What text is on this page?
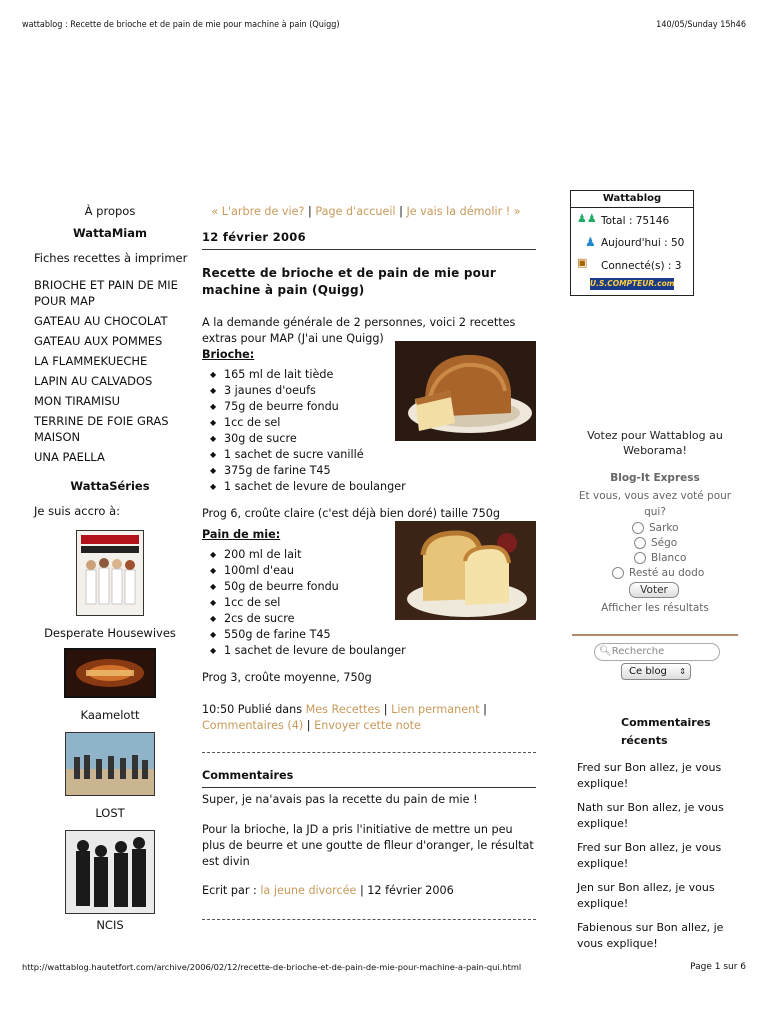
wattablog : Recette de brioche et de pain de mie pour machine à pain (Quigg)	140/05/Sunday 15h46
http://wattablog.hautetfort.com/archive/2006/02/12/recette-de-brioche-et-de-pain-de-mie-pour-machine-a-pain-qui.html	Page 1 sur 6
À propos
WattaMiam
Fiches recettes à imprimer
BRIOCHE ET PAIN DE MIE POUR MAP
GATEAU AU CHOCOLAT
GATEAU AUX POMMES
LA FLAMMEKUECHE
LAPIN AU CALVADOS
MON TIRAMISU
TERRINE DE FOIE GRAS MAISON
UNA PAELLA
WattaSéries
Je suis accro à:
Desperate Housewives
Kaamelott
LOST
NCIS
« L'arbre de vie? | Page d'accueil | Je vais la démolir ! »
12 février 2006
Recette de brioche et de pain de mie pour machine à pain (Quigg)
A la demande générale de 2 personnes, voici 2 recettes extras pour MAP (J'ai une Quigg)
Brioche:
◆ 165 ml de lait tiède
◆ 3 jaunes d'oeufs
◆ 75g de beurre fondu
◆ 1cc de sel
◆ 30g de sucre
◆ 1 sachet de sucre vanillé
◆ 375g de farine T45
◆ 1 sachet de levure de boulanger
Prog 6, croûte claire (c'est déjà bien doré) taille 750g
Pain de mie:
◆ 200 ml de lait
◆ 100ml d'eau
◆ 50g de beurre fondu
◆ 1cc de sel
◆ 2cs de sucre
◆ 550g de farine T45
◆ 1 sachet de levure de boulanger
Prog 3, croûte moyenne, 750g
10:50 Publié dans Mes Recettes | Lien permanent |
Commentaires (4) | Envoyer cette note
Commentaires
Super, je na'avais pas la recette du pain de mie !
Pour la brioche, la JD a pris l'initiative de mettre un peu plus de beurre et une goutte de flleur d'oranger, le résultat est divin
Ecrit par : la jeune divorcée | 12 février 2006
Wattablog
♟♟ Total : 75146
♟ Aujourd'hui : 50
▣ Connecté(s) : 3
U.S.COMPTEUR.com
Votez pour Wattablog au Weborama!
Blog-It Express
Et vous, vous avez voté pour qui?
Sarko
Ségo
Blanco
Resté au dodo
Voter
Afficher les résultats
🔍︎Recherche
Ce blog ⇕
Commentaires récents
Fred sur Bon allez, je vous explique!
Nath sur Bon allez, je vous explique!
Fred sur Bon allez, je vous explique!
Jen sur Bon allez, je vous explique!
Fabienous sur Bon allez, je vous explique!
